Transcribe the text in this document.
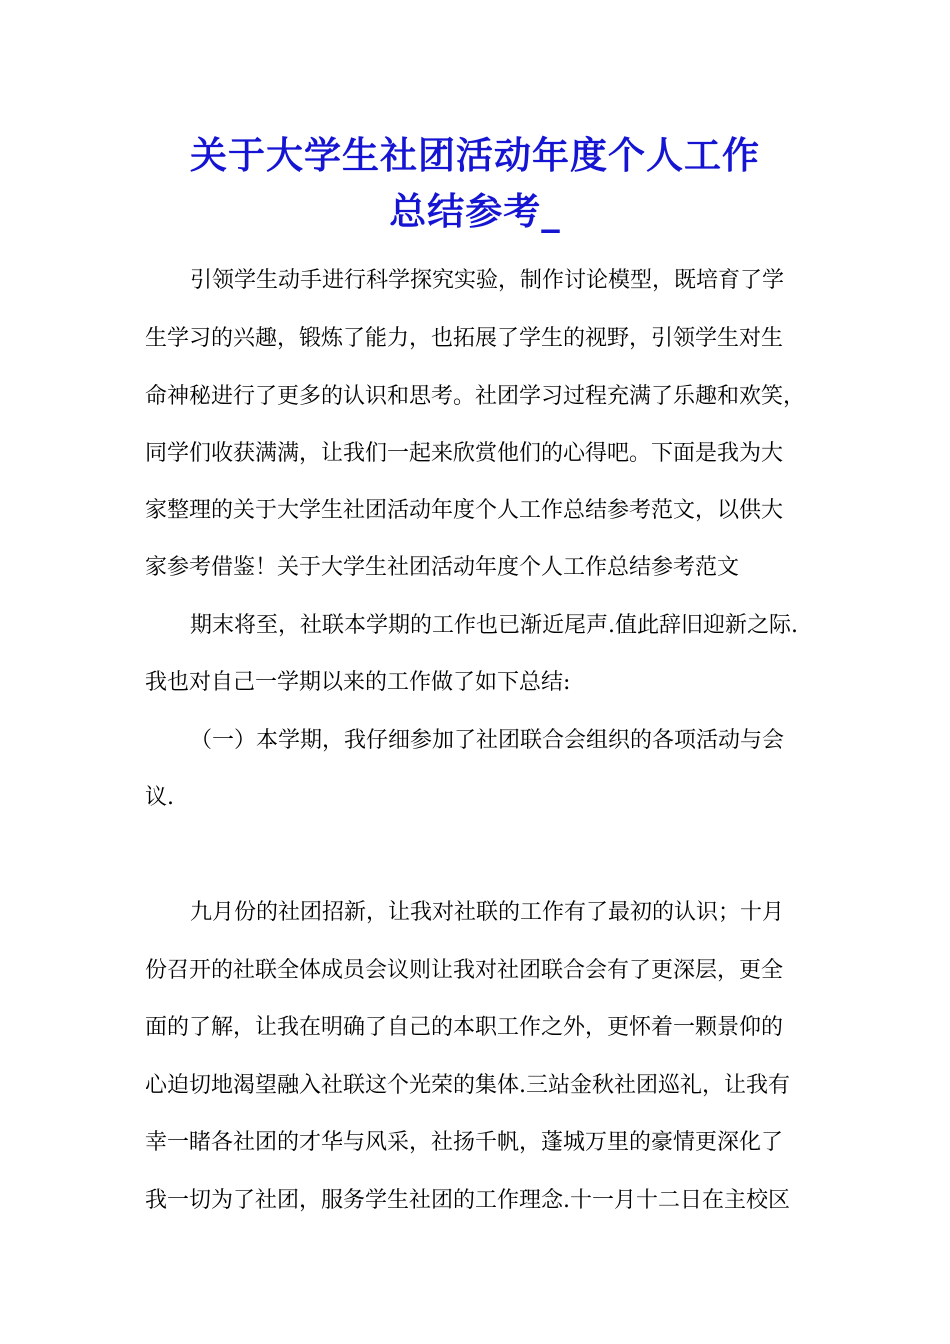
关于大学生社团活动年度个人工作
总结参考_
引领学生动手进行科学探究实验，制作讨论模型，既培育了学
生学习的兴趣，锻炼了能力，也拓展了学生的视野，引领学生对生
命神秘进行了更多的认识和思考。社团学习过程充满了乐趣和欢笑，
同学们收获满满，让我们一起来欣赏他们的心得吧。下面是我为大
家整理的关于大学生社团活动年度个人工作总结参考范文，以供大
家参考借鉴！关于大学生社团活动年度个人工作总结参考范文
期末将至，社联本学期的工作也已渐近尾声.值此辞旧迎新之际.
我也对自己一学期以来的工作做了如下总结:
（一）本学期，我仔细参加了社团联合会组织的各项活动与会
议.
九月份的社团招新，让我对社联的工作有了最初的认识；十月
份召开的社联全体成员会议则让我对社团联合会有了更深层，更全
面的了解，让我在明确了自己的本职工作之外，更怀着一颗景仰的
心迫切地渴望融入社联这个光荣的集体.三站金秋社团巡礼，让我有
幸一睹各社团的才华与风采，社扬千帆，蓬城万里的豪情更深化了
我一切为了社团，服务学生社团的工作理念.十一月十二日在主校区
